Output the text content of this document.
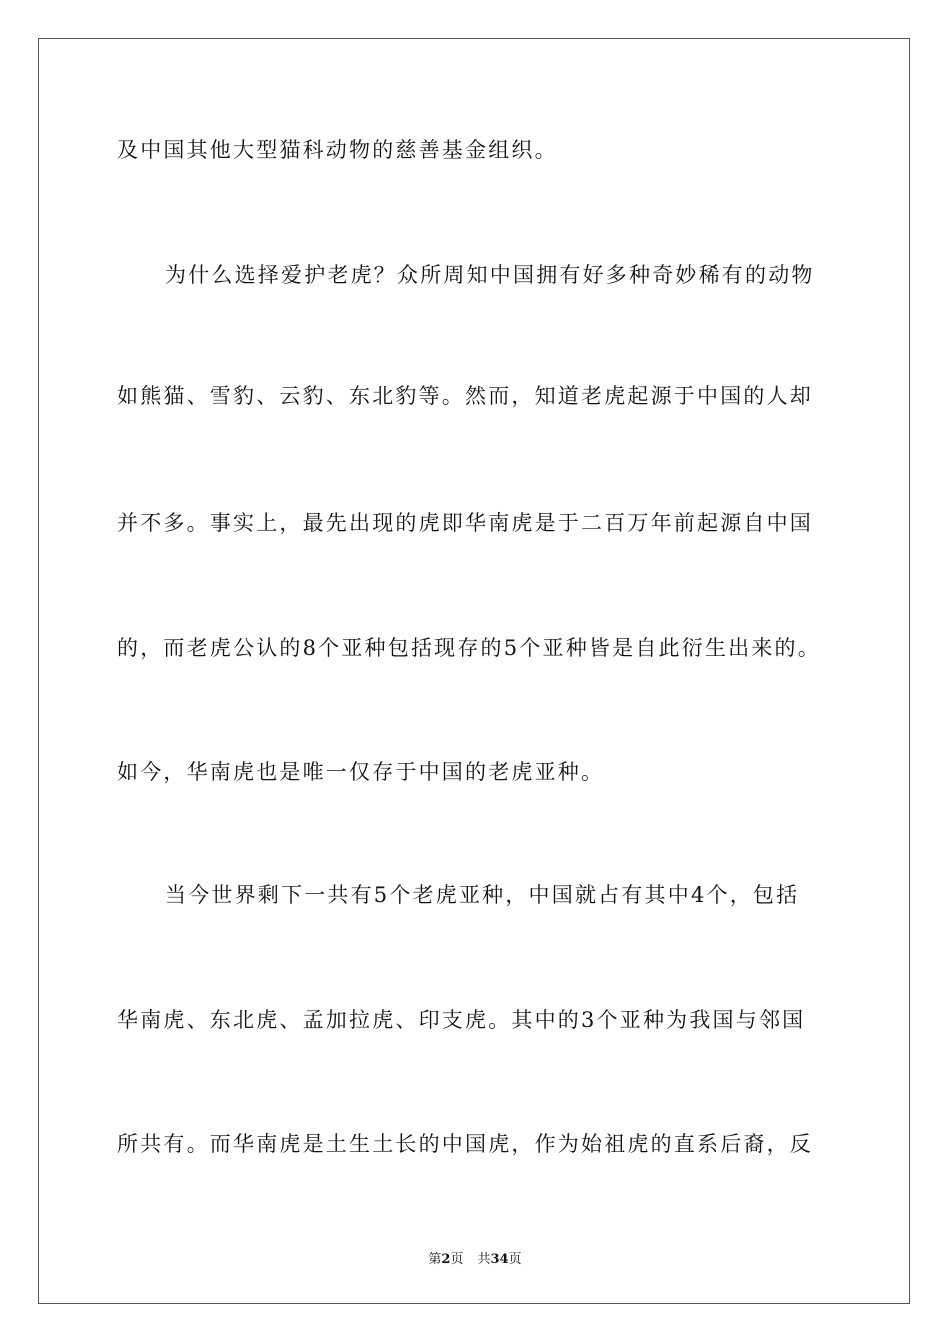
及中国其他大型猫科动物的慈善基金组织。
为什么选择爱护老虎？众所周知中国拥有好多种奇妙稀有的动物
如熊猫、雪豹、云豹、东北豹等。然而，知道老虎起源于中国的人却
并不多。事实上，最先出现的虎即华南虎是于二百万年前起源自中国
的，而老虎公认的8个亚种包括现存的5个亚种皆是自此衍生出来的。
如今，华南虎也是唯一仅存于中国的老虎亚种。
当今世界剩下一共有5个老虎亚种，中国就占有其中4个，包括
华南虎、东北虎、孟加拉虎、印支虎。其中的3个亚种为我国与邻国
所共有。而华南虎是土生土长的中国虎，作为始祖虎的直系后裔，反
第2页 共34页
